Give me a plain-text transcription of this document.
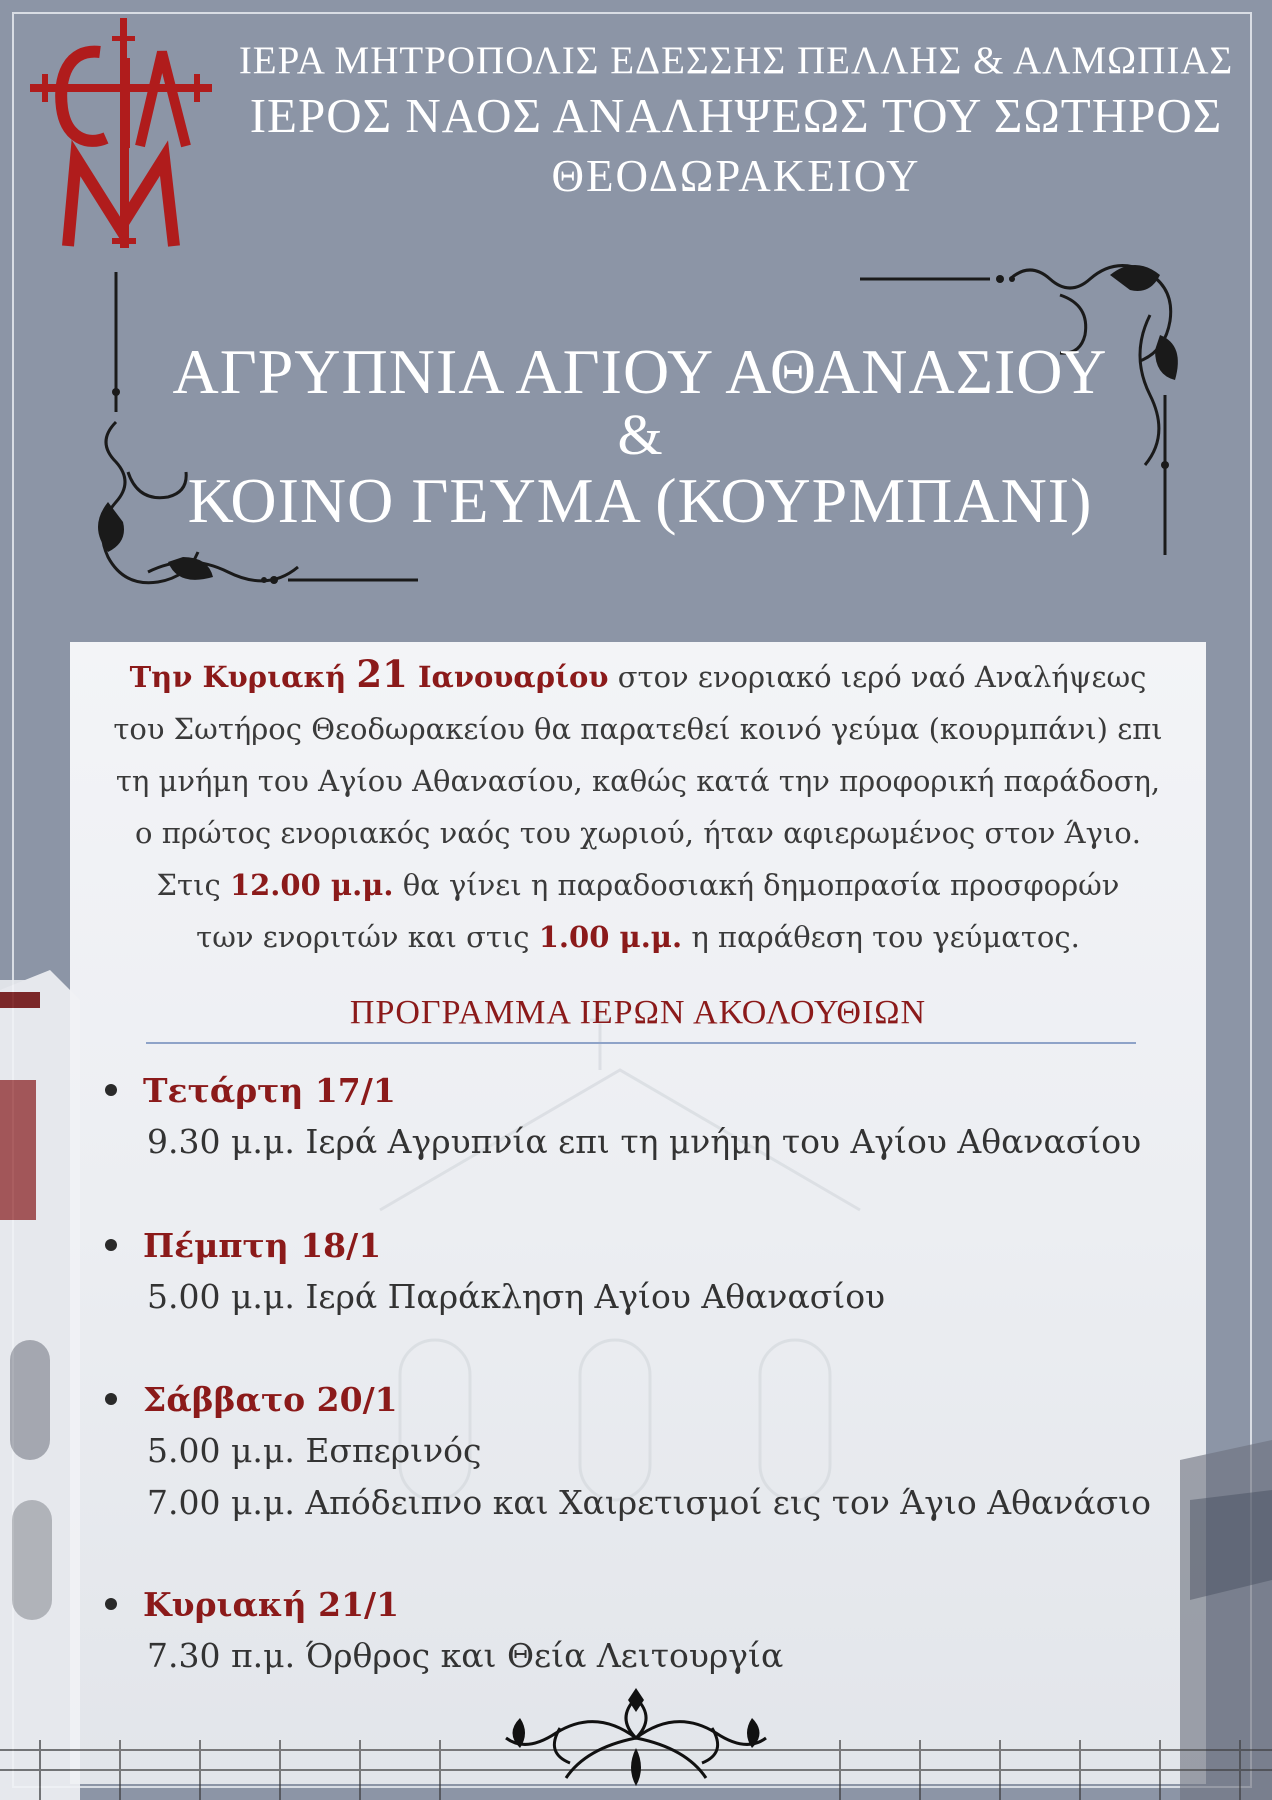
ΙΕΡΑ ΜΗΤΡΟΠΟΛΙΣ ΕΔΕΣΣΗΣ ΠΕΛΛΗΣ & ΑΛΜΩΠΙΑΣ
ΙΕΡΟΣ ΝΑΟΣ ΑΝΑΛΗΨΕΩΣ ΤΟΥ ΣΩΤΗΡΟΣ
ΘΕΟΔΩΡΑΚΕΙΟΥ
ΑΓΡΥΠΝΙΑ ΑΓΙΟΥ ΑΘΑΝΑΣΙΟΥ
&
ΚΟΙΝΟ ΓΕΥΜΑ (ΚΟΥΡΜΠΑΝΙ)
Την Κυριακή 21 Ιανουαρίου στον ενοριακό ιερό ναό Αναλήψεως
του Σωτήρος Θεοδωρακείου θα παρατεθεί κοινό γεύμα (κουρμπάνι) επι
τη μνήμη του Αγίου Αθανασίου, καθώς κατά την προφορική παράδοση,
ο πρώτος ενοριακός ναός του χωριού, ήταν αφιερωμένος στον Άγιο.
Στις 12.00 μ.μ. θα γίνει η παραδοσιακή δημοπρασία προσφορών
των ενοριτών και στις 1.00 μ.μ. η παράθεση του γεύματος.
ΠΡΟΓΡΑΜΜΑ ΙΕΡΩΝ ΑΚΟΛΟΥΘΙΩΝ
Τετάρτη 17/1
9.30 μ.μ. Ιερά Αγρυπνία επι τη μνήμη του Αγίου Αθανασίου
Πέμπτη 18/1
5.00 μ.μ. Ιερά Παράκληση Αγίου Αθανασίου
Σάββατο 20/1
5.00 μ.μ. Εσπερινός
7.00 μ.μ. Απόδειπνο και Χαιρετισμοί εις τον Άγιο Αθανάσιο
Κυριακή 21/1
7.30 π.μ. Όρθρος και Θεία Λειτουργία
